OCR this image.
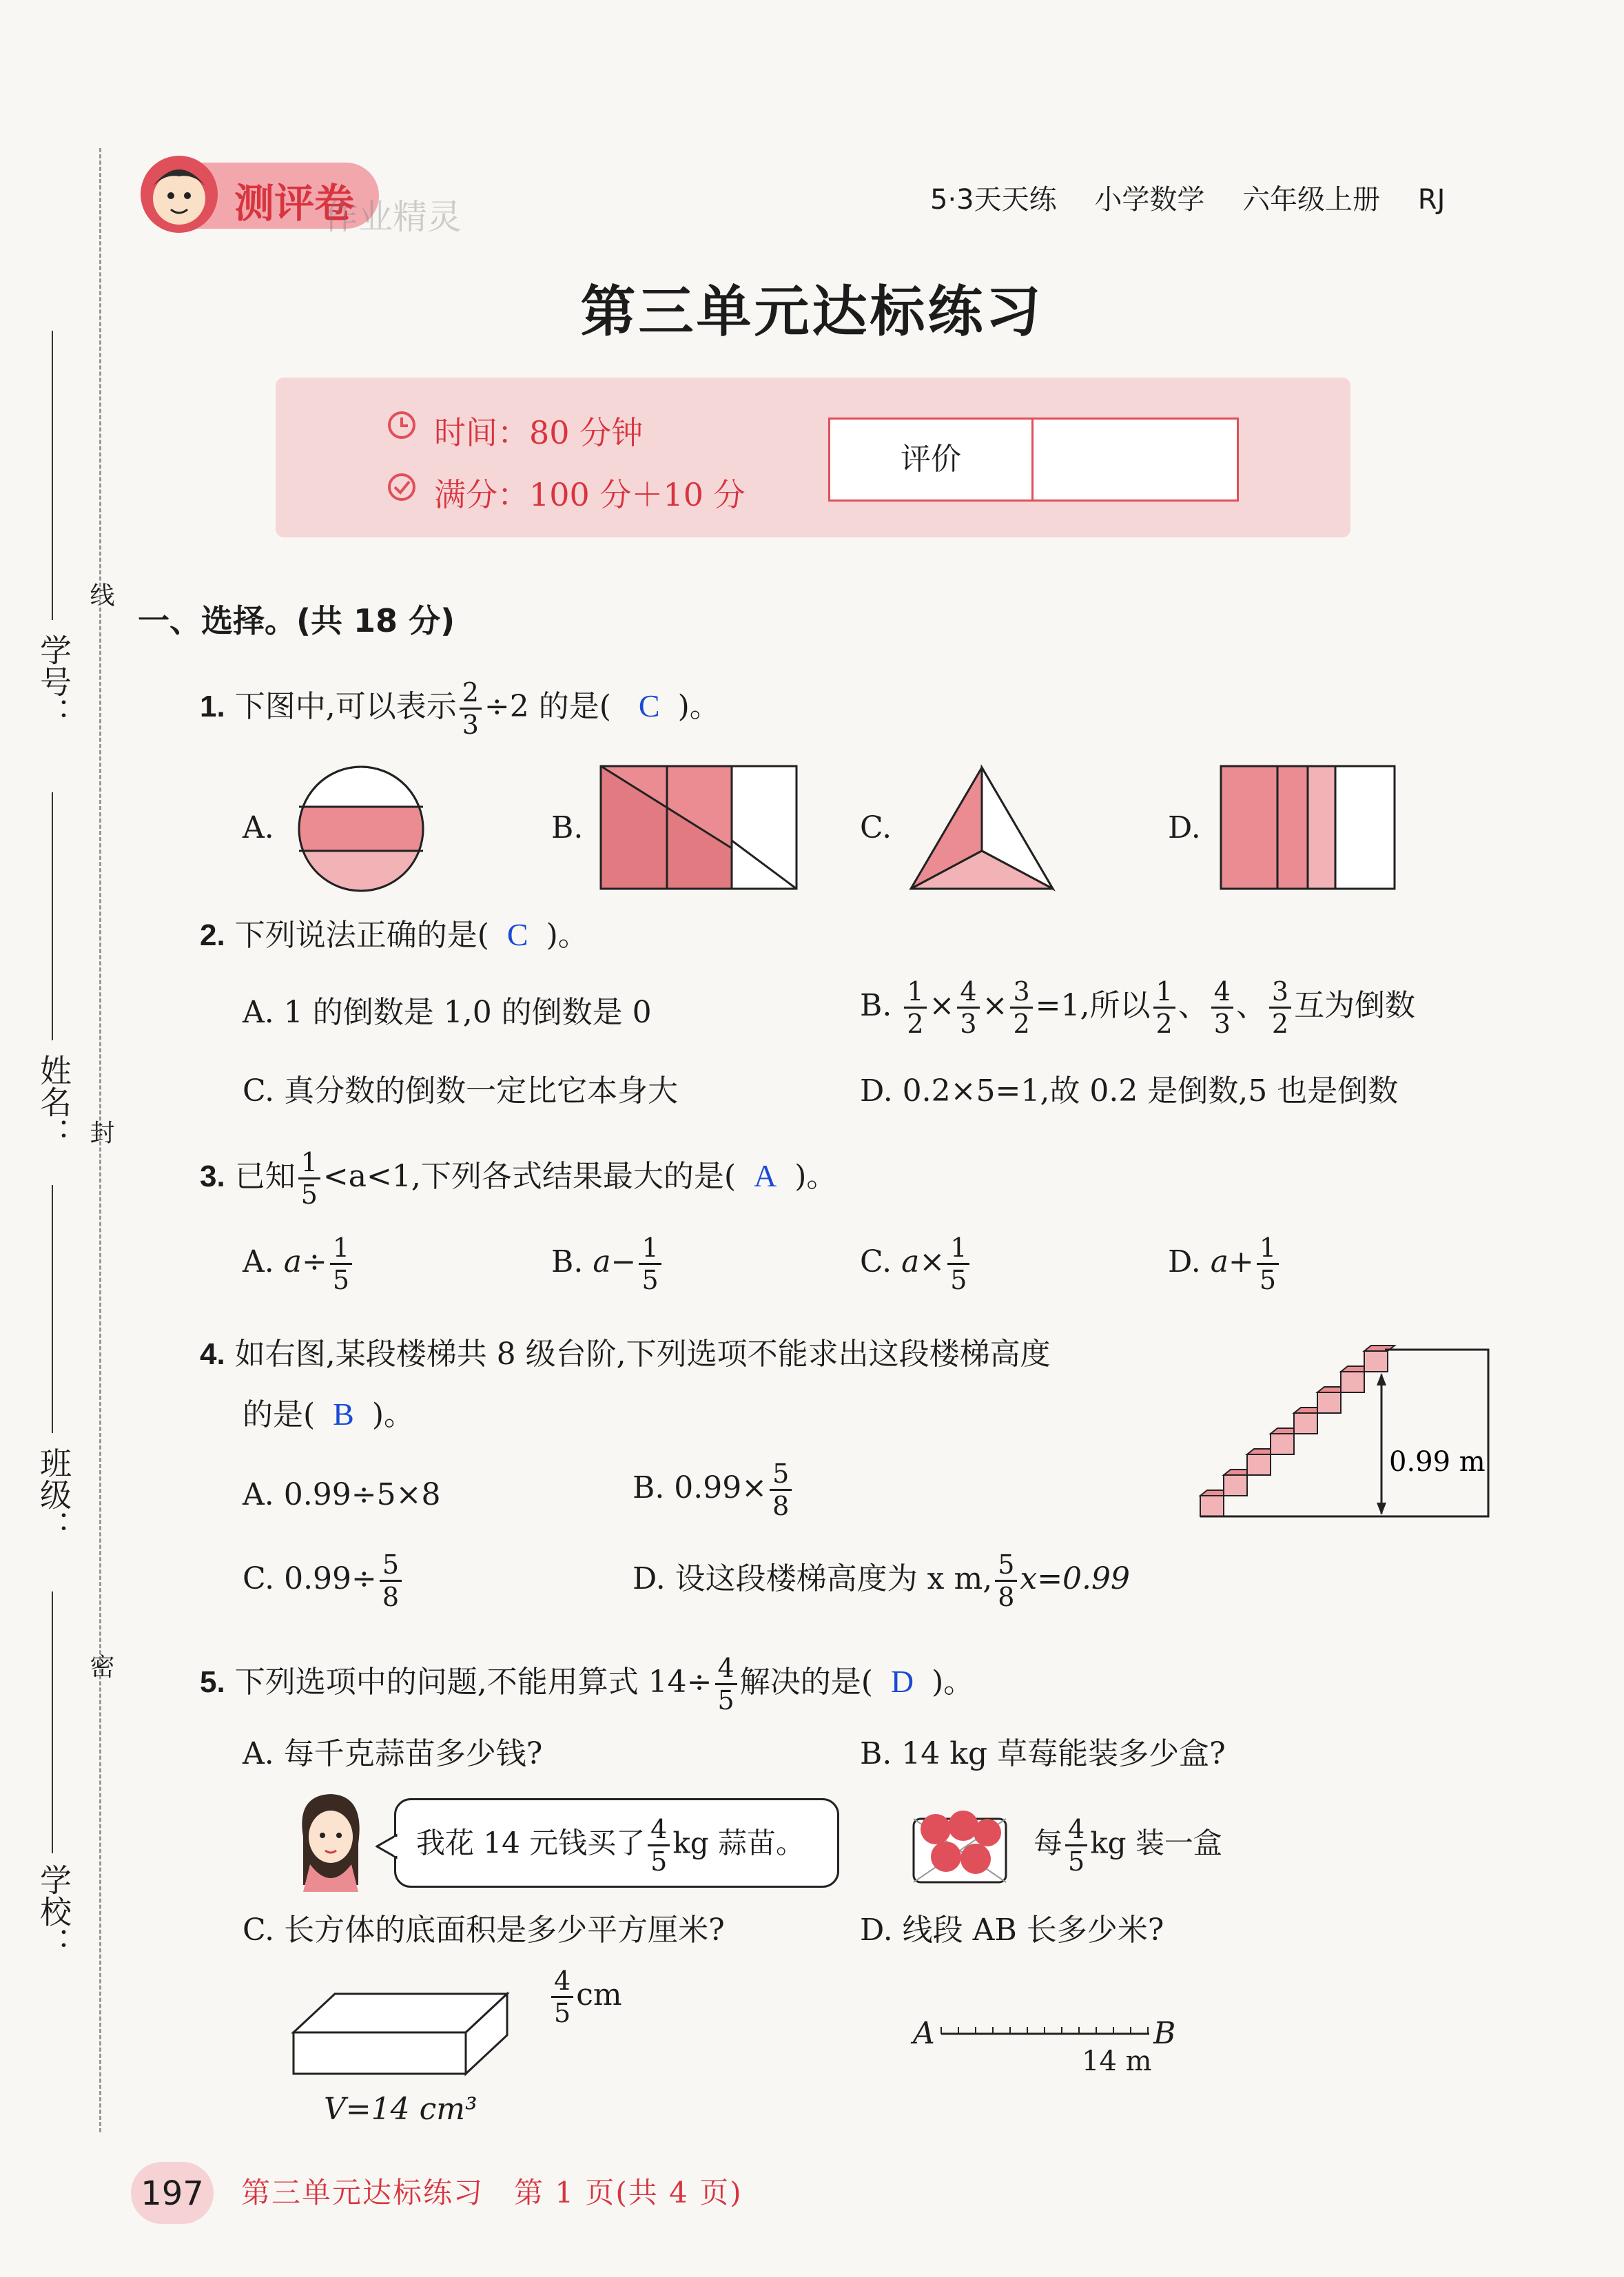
学号：
线
姓名： 封
班级：
密
学校：
测评卷
作业精灵	5·3天天练 小学数学 六年级上册 RJ
第三单元达标练习
时间：80 分钟
满分：100 分＋10 分
评价
一、选择。(共 18 分)
1. 下图中,可以表示 $\frac{2}{3} \div 2$ 的是( C )。
A.	B.	C.	D.
2. 下列说法正确的是( C )。
A. 1 的倒数是 1,0 的倒数是 0	B. $\frac{1}{2} \times \frac{4}{3} \times \frac{3}{2} =1$,所以 $\frac{1}{2}$ 、 $\frac{4}{3}$ 、 $\frac{3}{2}$ 互为倒数
C. 真分数的倒数一定比它本身大	D. 0.2×5=1,故 0.2 是倒数,5 也是倒数
3. 已知 $\frac{1}{5} <a<1$,下列各式结果最大的是( A )。
A. $a\div \frac{1}{5}$	B. $a- \frac{1}{5}$	C. $a\times \frac{1}{5}$	D. $a+ \frac{1}{5}$
4. 如右图,某段楼梯共 8 级台阶,下列选项不能求出这段楼梯高度
的是( B )。
A. 0.99÷5×8	B. $0.99\times \frac{5}{8}$
C. $0.99\div \frac{5}{8}$	D. 设这段楼梯高度为 x m, $\frac{5}{8} x=0.99$
0.99 m
5. 下列选项中的问题,不能用算式 $14\div \frac{4}{5}$ 解决的是( D )。
A. 每千克蒜苗多少钱?	B. 14 kg 草莓能装多少盒?
我花 14 元钱买了 $\frac{4}{5}$ kg 蒜苗。	每 $\frac{4}{5}$ kg 装一盒
C. 长方体的底面积是多少平方厘米?	D. 线段 AB 长多少米?
$\frac{4}{5}$ cm
V=14 cm³
A	B
14 m
197	第三单元达标练习　第 1 页(共 4 页)
